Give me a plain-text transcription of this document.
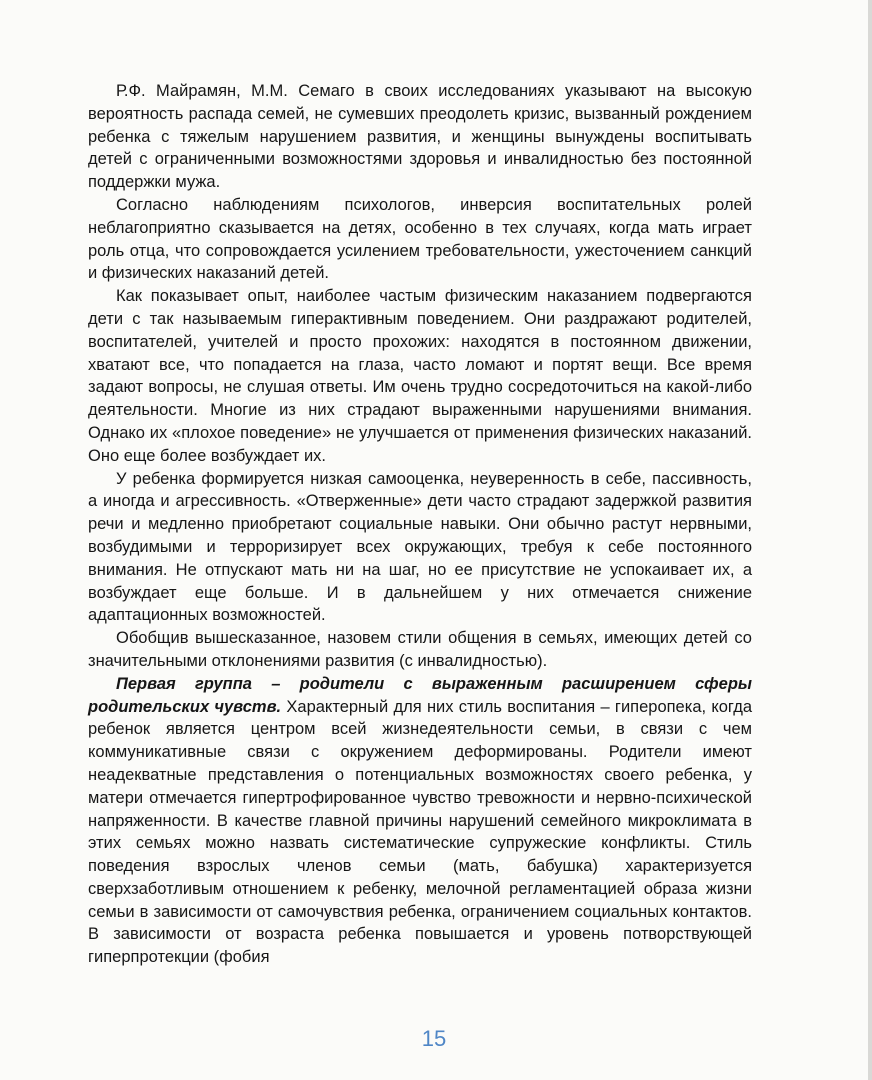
Р.Ф. Майрамян, М.М. Семаго в своих исследованиях указывают на высокую вероятность распада семей, не сумевших преодолеть кризис, вызванный рождением ребенка с тяжелым нарушением развития, и женщины вынуждены воспитывать детей с ограниченными возможностями здоровья и инвалидностью без постоянной поддержки мужа.

Согласно наблюдениям психологов, инверсия воспитательных ролей неблагоприятно сказывается на детях, особенно в тех случаях, когда мать играет роль отца, что сопровождается усилением требовательности, ужесточением санкций и физических наказаний детей.

Как показывает опыт, наиболее частым физическим наказанием подвергаются дети с так называемым гиперактивным поведением. Они раздражают родителей, воспитателей, учителей и просто прохожих: находятся в постоянном движении, хватают все, что попадается на глаза, часто ломают и портят вещи. Все время задают вопросы, не слушая ответы. Им очень трудно сосредоточиться на какой-либо деятельности. Многие из них страдают выраженными нарушениями внимания. Однако их «плохое поведение» не улучшается от применения физических наказаний. Оно еще более возбуждает их.

У ребенка формируется низкая самооценка, неуверенность в себе, пассивность, а иногда и агрессивность. «Отверженные» дети часто страдают задержкой развития речи и медленно приобретают социальные навыки. Они обычно растут нервными, возбудимыми и терроризирует всех окружающих, требуя к себе постоянного внимания. Не отпускают мать ни на шаг, но ее присутствие не успокаивает их, а возбуждает еще больше. И в дальнейшем у них отмечается снижение адаптационных возможностей.

Обобщив вышесказанное, назовем стили общения в семьях, имеющих детей со значительными отклонениями развития (с инвалидностью).

Первая группа – родители с выраженным расширением сферы родительских чувств. Характерный для них стиль воспитания – гиперопека, когда ребенок является центром всей жизнедеятельности семьи, в связи с чем коммуникативные связи с окружением деформированы. Родители имеют неадекватные представления о потенциальных возможностях своего ребенка, у матери отмечается гипертрофированное чувство тревожности и нервно-психической напряженности. В качестве главной причины нарушений семейного микроклимата в этих семьях можно назвать систематические супружеские конфликты. Стиль поведения взрослых членов семьи (мать, бабушка) характеризуется сверхзаботливым отношением к ребенку, мелочной регламентацией образа жизни семьи в зависимости от самочувствия ребенка, ограничением социальных контактов. В зависимости от возраста ребенка повышается и уровень потворствующей гиперпротекции (фобия

15
